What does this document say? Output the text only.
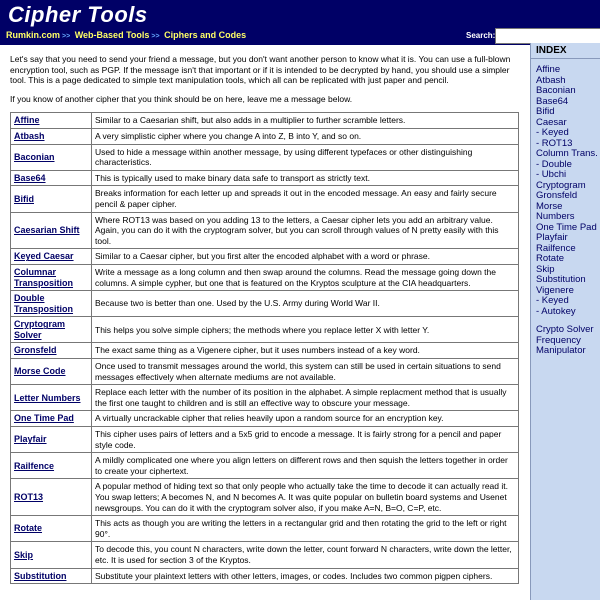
Cipher Tools
Rumkin.com >> Web-Based Tools >> Ciphers and Codes	Search:
INDEX
Affine
Atbash
Baconian
Base64
Bifid
Caesar
- Keyed
- ROT13
Column Trans.
- Double
- Ubchi
Cryptogram
Gronsfeld
Morse
Numbers
One Time Pad
Playfair
Railfence
Rotate
Skip
Substitution
Vigenere
- Keyed
- Autokey
Crypto Solver
Frequency
Manipulator

Let's say that you need to send your friend a message, but you don't want another person to know what it is. You can use a full-blown encryption tool, such as PGP. If the message isn't that important or if it is intended to be decrypted by hand, you should use a simpler tool. This is a page dedicated to simple text manipulation tools, which all can be replicated with just paper and pencil.

If you know of another cipher that you think should be on here, leave me a message below.

Affine	Similar to a Caesarian shift, but also adds in a multiplier to further scramble letters.
Atbash	A very simplistic cipher where you change A into Z, B into Y, and so on.
Baconian	Used to hide a message within another message, by using different typefaces or other distinguishing characteristics.
Base64	This is typically used to make binary data safe to transport as strictly text.
Bifid	Breaks information for each letter up and spreads it out in the encoded message. An easy and fairly secure pencil & paper cipher.
Caesarian Shift	Where ROT13 was based on you adding 13 to the letters, a Caesar cipher lets you add an arbitrary value. Again, you can do it with the cryptogram solver, but you can scroll through values of N pretty easily with this tool.
Keyed Caesar	Similar to a Caesar cipher, but you first alter the encoded alphabet with a word or phrase.
Columnar Transposition	Write a message as a long column and then swap around the columns. Read the message going down the columns. A simple cypher, but one that is featured on the Kryptos sculpture at the CIA headquarters.
Double Transposition	Because two is better than one. Used by the U.S. Army during World War II.
Cryptogram Solver	This helps you solve simple ciphers; the methods where you replace letter X with letter Y.
Gronsfeld	The exact same thing as a Vigenere cipher, but it uses numbers instead of a key word.
Morse Code	Once used to transmit messages around the world, this system can still be used in certain situations to send messages effectively when alternate mediums are not available.
Letter Numbers	Replace each letter with the number of its position in the alphabet. A simple replacment method that is usually the first one taught to children and is still an effective way to obscure your message.
One Time Pad	A virtually uncrackable cipher that relies heavily upon a random source for an encryption key.
Playfair	This cipher uses pairs of letters and a 5x5 grid to encode a message. It is fairly strong for a pencil and paper style code.
Railfence	A mildly complicated one where you align letters on different rows and then squish the letters together in order to create your ciphertext.
ROT13	A popular method of hiding text so that only people who actually take the time to decode it can actually read it. You swap letters; A becomes N, and N becomes A. It was quite popular on bulletin board systems and Usenet newsgroups. You can do it with the cryptogram solver also, if you make A=N, B=O, C=P, etc.
Rotate	This acts as though you are writing the letters in a rectangular grid and then rotating the grid to the left or right 90°.
Skip	To decode this, you count N characters, write down the letter, count forward N characters, write down the letter, etc. It is used for section 3 of the Kryptos.
Substitution	Substitute your plaintext letters with other letters, images, or codes. Includes two common pigpen ciphers.
